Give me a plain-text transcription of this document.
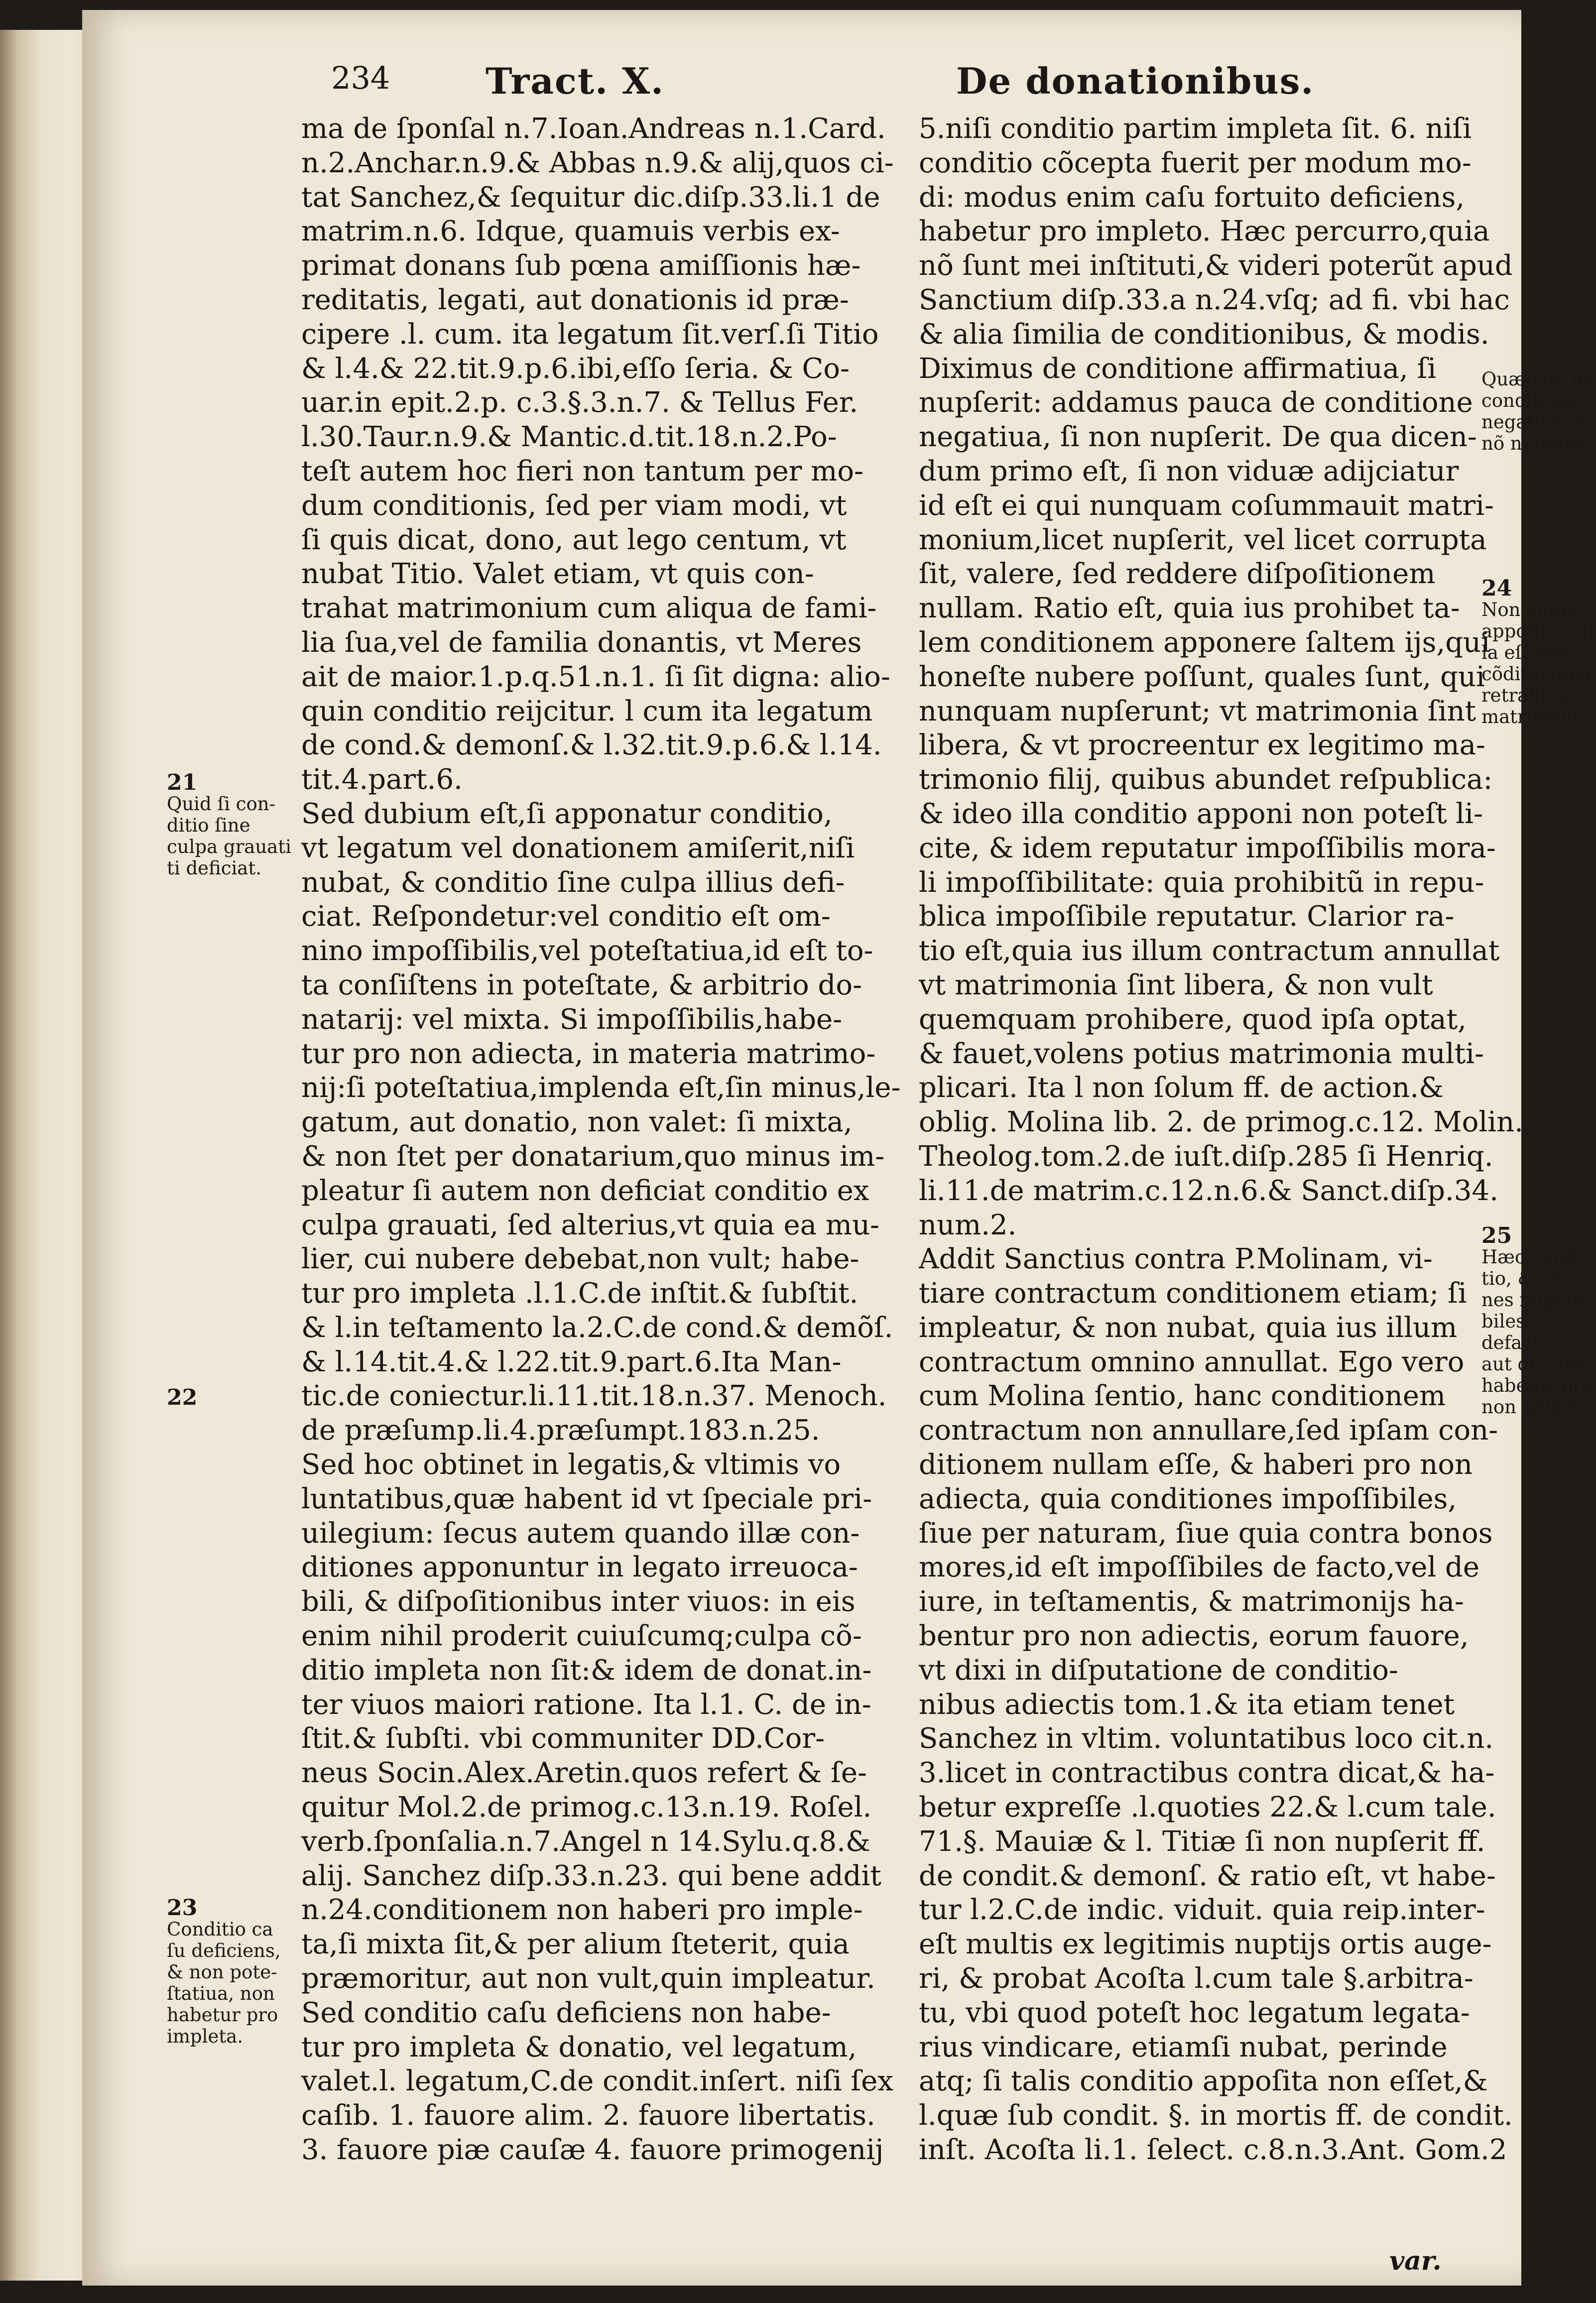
234	Tract. X.	De donationibus.
ma de ſponſal n.7.Ioan.Andreas n.1.Card.
n.2.Anchar.n.9.& Abbas n.9.& alij,quos ci-
tat Sanchez,& ſequitur dic.diſp.33.li.1 de
matrim.n.6. Idque, quamuis verbis ex-
primat donans ſub pœna amiſſionis hæ-
reditatis, legati, aut donationis id præ-
cipere .l. cum. ita legatum ſit.verſ.ſi Titio
& l.4.& 22.tit.9.p.6.ibi,eſſo ſeria. & Co-
uar.in epit.2.p. c.3.§.3.n.7. & Tellus Fer.
l.30.Taur.n.9.& Mantic.d.tit.18.n.2.Po-
teſt autem hoc fieri non tantum per mo-
dum conditionis, ſed per viam modi, vt
ſi quis dicat, dono, aut lego centum, vt
nubat Titio. Valet etiam, vt quis con-
trahat matrimonium cum aliqua de fami-
lia ſua,vel de familia donantis, vt Meres
ait de maior.1.p.q.51.n.1. ſi ſit digna: alio-
quin conditio reijcitur. l cum ita legatum
de cond.& demonſ.& l.32.tit.9.p.6.& l.14.
tit.4.part.6.
Sed dubium eſt,ſi apponatur conditio,
vt legatum vel donationem amiſerit,niſi
nubat, & conditio ſine culpa illius defi-
ciat. Reſpondetur:vel conditio eſt om-
nino impoſſibilis,vel poteſtatiua,id eſt to-
ta conſiſtens in poteſtate, & arbitrio do-
natarij: vel mixta. Si impoſſibilis,habe-
tur pro non adiecta, in materia matrimo-
nij:ſi poteſtatiua,implenda eſt,ſin minus,le-
gatum, aut donatio, non valet: ſi mixta,
& non ſtet per donatarium,quo minus im-
pleatur ſi autem non deficiat conditio ex
culpa grauati, ſed alterius,vt quia ea mu-
lier, cui nubere debebat,non vult; habe-
tur pro impleta .l.1.C.de inſtit.& ſubſtit.
& l.in teſtamento la.2.C.de cond.& demõſ.
& l.14.tit.4.& l.22.tit.9.part.6.Ita Man-
tic.de coniectur.li.11.tit.18.n.37. Menoch.
de præſump.li.4.præſumpt.183.n.25.
Sed hoc obtinet in legatis,& vltimis vo
luntatibus,quæ habent id vt ſpeciale pri-
uilegium: ſecus autem quando illæ con-
ditiones apponuntur in legato irreuoca-
bili, & diſpoſitionibus inter viuos: in eis
enim nihil proderit cuiuſcumq;culpa cõ-
ditio impleta non ſit:& idem de donat.in-
ter viuos maiori ratione. Ita l.1. C. de in-
ſtit.& ſubſti. vbi communiter DD.Cor-
neus Socin.Alex.Aretin.quos refert & ſe-
quitur Mol.2.de primog.c.13.n.19. Roſel.
verb.ſponſalia.n.7.Angel n 14.Sylu.q.8.&
alij. Sanchez diſp.33.n.23. qui bene addit
n.24.conditionem non haberi pro imple-
ta,ſi mixta ſit,& per alium ſteterit, quia
præmoritur, aut non vult,quin impleatur.
Sed conditio caſu deficiens non habe-
tur pro impleta & donatio, vel legatum,
valet.l. legatum,C.de condit.inſert. niſi ſex
caſib. 1. fauore alim. 2. fauore libertatis.
3. fauore piæ cauſæ 4. fauore primogenij
5.niſi conditio partim impleta ſit. 6. niſi
conditio cõcepta fuerit per modum mo-
di: modus enim caſu fortuito deficiens,
habetur pro impleto. Hæc percurro,quia
nõ ſunt mei inſtituti,& videri poterũt apud
Sanctium diſp.33.a n.24.vſq; ad fi. vbi hac
& alia ſimilia de conditionibus, & modis.
Diximus de conditione affirmatiua, ſi
nupſerit: addamus pauca de conditione
negatiua, ſi non nupſerit. De qua dicen-
dum primo eſt, ſi non viduæ adijciatur
id eſt ei qui nunquam coſummauit matri-
monium,licet nupſerit, vel licet corrupta
ſit, valere, ſed reddere diſpoſitionem
nullam. Ratio eſt, quia ius prohibet ta-
lem conditionem apponere ſaltem ijs,qui
honeſte nubere poſſunt, quales ſunt, qui
nunquam nupſerunt; vt matrimonia ſint
libera, & vt procreentur ex legitimo ma-
trimonio filij, quibus abundet reſpublica:
& ideo illa conditio apponi non poteſt li-
cite, & idem reputatur impoſſibilis mora-
li impoſſibilitate: quia prohibitũ in repu-
blica impoſſibile reputatur. Clarior ra-
tio eſt,quia ius illum contractum annullat
vt matrimonia ſint libera, & non vult
quemquam prohibere, quod ipſa optat,
& fauet,volens potius matrimonia multi-
plicari. Ita l non ſolum ff. de action.&
oblig. Molina lib. 2. de primog.c.12. Molin.
Theolog.tom.2.de iuſt.diſp.285 ſi Henriq.
li.11.de matrim.c.12.n.6.& Sanct.diſp.34.
num.2.
Addit Sanctius contra P.Molinam, vi-
tiare contractum conditionem etiam; ſi
impleatur, & non nubat, quia ius illum
contractum omnino annullat. Ego vero
cum Molina ſentio, hanc conditionem
contractum non annullare,ſed ipſam con-
ditionem nullam eſſe, & haberi pro non
adiecta, quia conditiones impoſſibiles,
ſiue per naturam, ſiue quia contra bonos
mores,id eſt impoſſibiles de facto,vel de
iure, in teſtamentis, & matrimonijs ha-
bentur pro non adiectis, eorum fauore,
vt dixi in diſputatione de conditio-
nibus adiectis tom.1.& ita etiam tenet
Sanchez in vltim. voluntatibus loco cit.n.
3.licet in contractibus contra dicat,& ha-
betur expreſſe .l.quoties 22.& l.cum tale.
71.§. Mauiæ & l. Titiæ ſi non nupſerit ff.
de condit.& demonſ. & ratio eſt, vt habe-
tur l.2.C.de indic. viduit. quia reip.inter-
eſt multis ex legitimis nuptijs ortis auge-
ri, & probat Acoſta l.cum tale §.arbitra-
tu, vbi quod poteſt hoc legatum legata-
rius vindicare, etiamſi nubat, perinde
atq; ſi talis conditio appoſita non eſſet,&
l.quæ ſub condit. §. in mortis ff. de condit.
inſt. Acoſta li.1. ſelect. c.8.n.3.Ant. Gom.2
21
Quid ſi con-
ditio ſine
culpa grauati
ti deficiat.
22
23
Conditio ca
ſu deficiens,
& non pote-
ſtatiua, non
habetur pro
impleta.
Quædam de
conditione
negatiua, ſi
nõ nupſerit.
24
Non viduis
appoſita nul
la eſt hæc
cõditio quia
retrahit a
matrimonio.
25
Hæc condi-
tio, & om-
nes impoſſi-
biles defacto
aut de iure
habetur pro
non adiectis
var.
